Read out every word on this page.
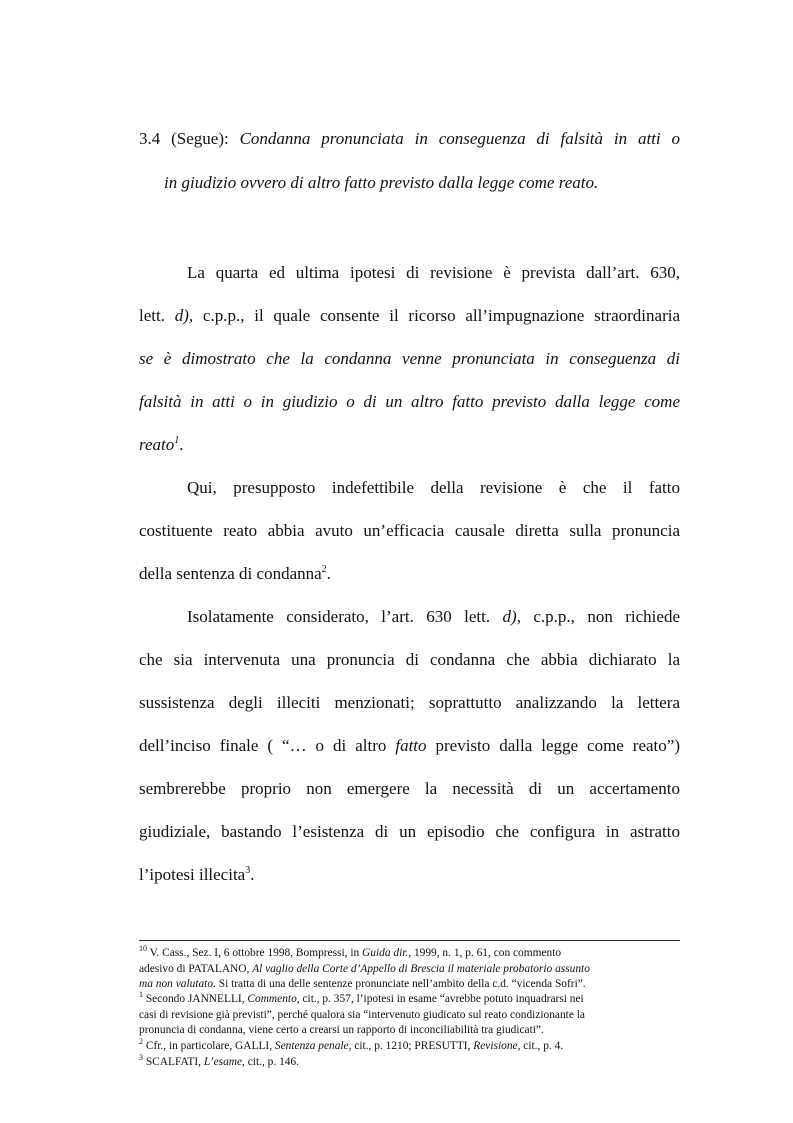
3.4 (Segue): Condanna pronunciata in conseguenza di falsità in atti o
in giudizio ovvero di altro fatto previsto dalla legge come reato.
La quarta ed ultima ipotesi di revisione è prevista dall’art. 630,
lett. d), c.p.p., il quale consente il ricorso all’impugnazione straordinaria
se è dimostrato che la condanna venne pronunciata in conseguenza di
falsità in atti o in giudizio o di un altro fatto previsto dalla legge come
reato$^1$.
Qui, presupposto indefettibile della revisione è che il fatto
costituente reato abbia avuto un’efficacia causale diretta sulla pronuncia
della sentenza di condanna$^2$.
Isolatamente considerato, l’art. 630 lett. d), c.p.p., non richiede
che sia intervenuta una pronuncia di condanna che abbia dichiarato la
sussistenza degli illeciti menzionati; soprattutto analizzando la lettera
dell’inciso finale ( “… o di altro fatto previsto dalla legge come reato”)
sembrerebbe proprio non emergere la necessità di un accertamento
giudiziale, bastando l’esistenza di un episodio che configura in astratto
l’ipotesi illecita$^3$.
$^{10}$ V. Cass., Sez. I, 6 ottobre 1998, Bompressi, in Guida dir., 1999, n. 1, p. 61, con commento
adesivo di PATALANO, Al vaglio della Corte d’Appello di Brescia il materiale probatorio assunto
ma non valutato. Si tratta di una delle sentenze pronunciate nell’ambito della c.d. “vicenda Sofri”.
$^1$ Secondo JANNELLI, Commento, cit., p. 357, l’ipotesi in esame “avrebbe potuto inquadrarsi nei
casi di revisione già previsti”, perché qualora sia “intervenuto giudicato sul reato condizionante la
pronuncia di condanna, viene certo a crearsi un rapporto di inconciliabilità tra giudicati”.
$^2$ Cfr., in particolare, GALLI, Sentenza penale, cit., p. 1210; PRESUTTI, Revisione, cit., p. 4.
$^3$ SCALFATI, L’esame, cit., p. 146.
